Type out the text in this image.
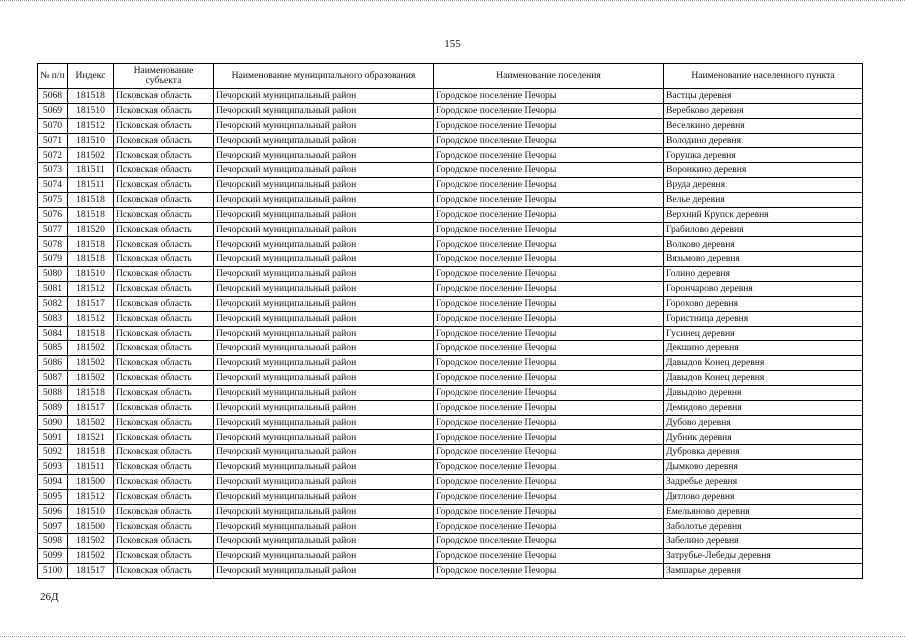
155
№ п/п	Индекс	Наименование субъекта	Наименование муниципального образования	Наименование поселения	Наименование населенного пункта
5068	181518	Псковская область	Печорский муниципальный район	Городское поселение Печоры	Вастцы деревня
5069	181510	Псковская область	Печорский муниципальный район	Городское поселение Печоры	Веребково деревня
5070	181512	Псковская область	Печорский муниципальный район	Городское поселение Печоры	Веселкино деревня
5071	181510	Псковская область	Печорский муниципальный район	Городское поселение Печоры	Володино деревня
5072	181502	Псковская область	Печорский муниципальный район	Городское поселение Печоры	Горушка деревня
5073	181511	Псковская область	Печорский муниципальный район	Городское поселение Печоры	Воронкино деревня
5074	181511	Псковская область	Печорский муниципальный район	Городское поселение Печоры	Вруда деревня
5075	181518	Псковская область	Печорский муниципальный район	Городское поселение Печоры	Велье деревня
5076	181518	Псковская область	Печорский муниципальный район	Городское поселение Печоры	Верхний Крупск деревня
5077	181520	Псковская область	Печорский муниципальный район	Городское поселение Печоры	Грабилово деревня
5078	181518	Псковская область	Печорский муниципальный район	Городское поселение Печоры	Волково деревня
5079	181518	Псковская область	Печорский муниципальный район	Городское поселение Печоры	Вязьмово деревня
5080	181510	Псковская область	Печорский муниципальный район	Городское поселение Печоры	Голино деревня
5081	181512	Псковская область	Печорский муниципальный район	Городское поселение Печоры	Горончарово деревня
5082	181517	Псковская область	Печорский муниципальный район	Городское поселение Печоры	Горохово деревня
5083	181512	Псковская область	Печорский муниципальный район	Городское поселение Печоры	Гористница деревня
5084	181518	Псковская область	Печорский муниципальный район	Городское поселение Печоры	Гусинец деревня
5085	181502	Псковская область	Печорский муниципальный район	Городское поселение Печоры	Декшино деревня
5086	181502	Псковская область	Печорский муниципальный район	Городское поселение Печоры	Давыдов Конец деревня
5087	181502	Псковская область	Печорский муниципальный район	Городское поселение Печоры	Давыдов Конец деревня
5088	181518	Псковская область	Печорский муниципальный район	Городское поселение Печоры	Давыдово деревня
5089	181517	Псковская область	Печорский муниципальный район	Городское поселение Печоры	Демидово деревня
5090	181502	Псковская область	Печорский муниципальный район	Городское поселение Печоры	Дубово деревня
5091	181521	Псковская область	Печорский муниципальный район	Городское поселение Печоры	Дубник деревня
5092	181518	Псковская область	Печорский муниципальный район	Городское поселение Печоры	Дубровка деревня
5093	181511	Псковская область	Печорский муниципальный район	Городское поселение Печоры	Дымково деревня
5094	181500	Псковская область	Печорский муниципальный район	Городское поселение Печоры	Задребье деревня
5095	181512	Псковская область	Печорский муниципальный район	Городское поселение Печоры	Дятлово деревня
5096	181510	Псковская область	Печорский муниципальный район	Городское поселение Печоры	Емельяново деревня
5097	181500	Псковская область	Печорский муниципальный район	Городское поселение Печоры	Заболотье деревня
5098	181502	Псковская область	Печорский муниципальный район	Городское поселение Печоры	Забелино деревня
5099	181502	Псковская область	Печорский муниципальный район	Городское поселение Печоры	Затрубье-Лебеды деревня
5100	181517	Псковская область	Печорский муниципальный район	Городское поселение Печоры	Замшарье деревня
26Д
